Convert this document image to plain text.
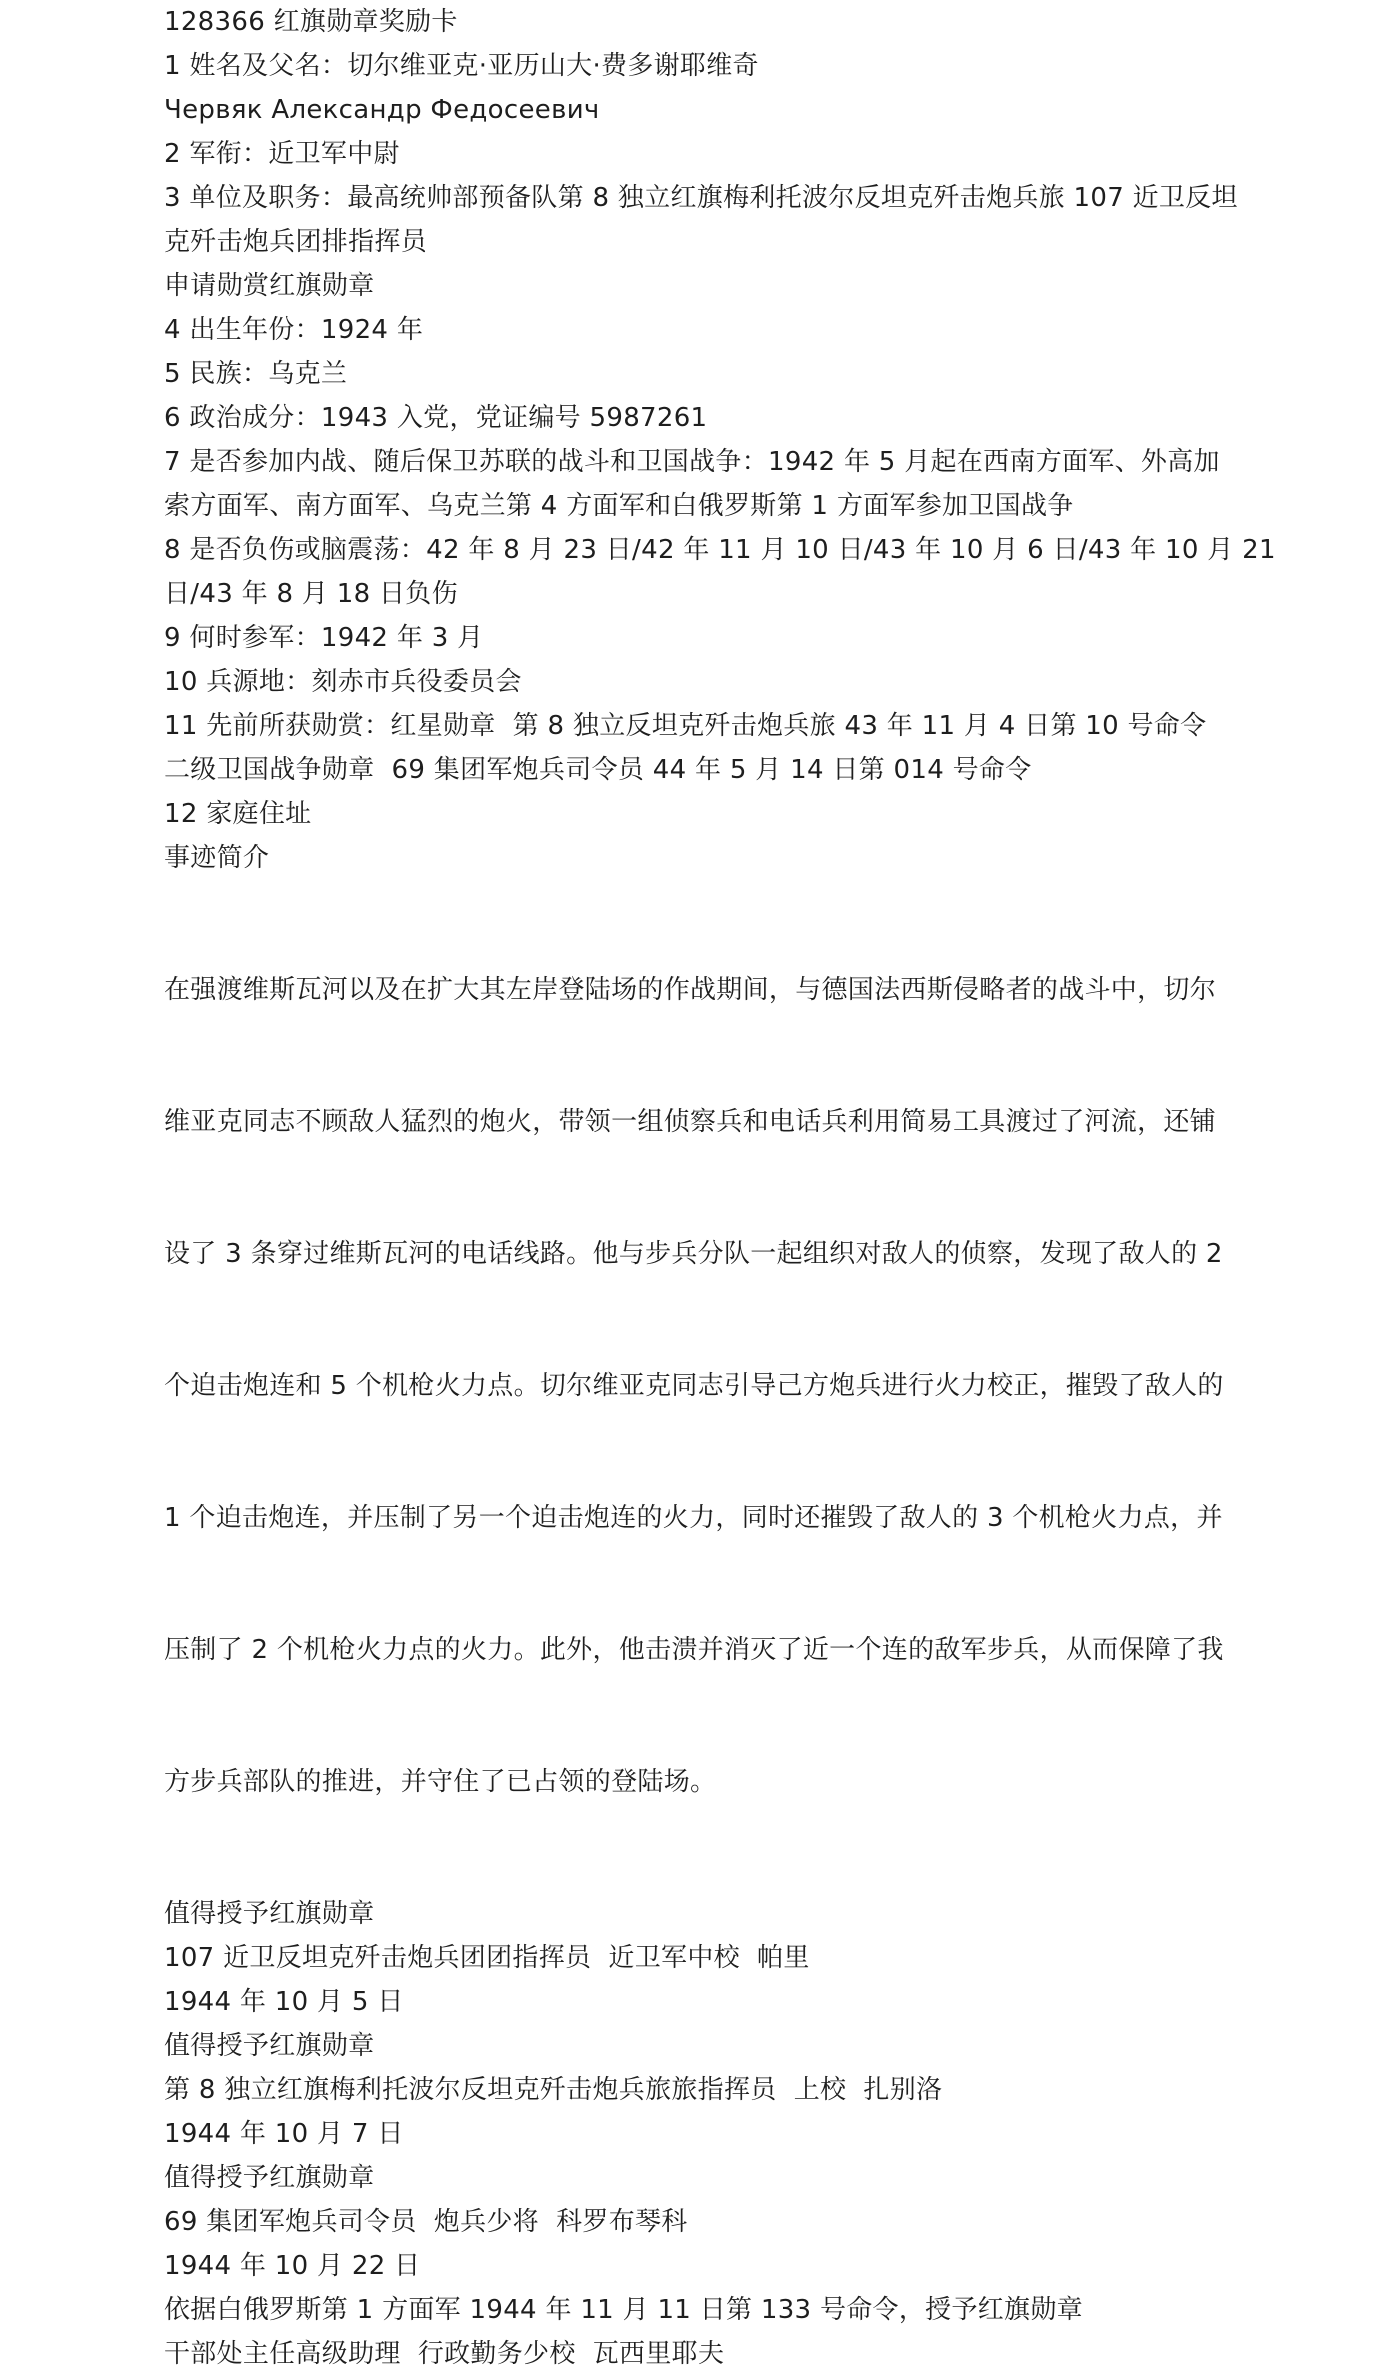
128366 红旗勋章奖励卡
1 姓名及父名：切尔维亚克·亚历山大·费多谢耶维奇
Червяк Александр Федосеевич
2 军衔：近卫军中尉
3 单位及职务：最高统帅部预备队第 8 独立红旗梅利托波尔反坦克歼击炮兵旅 107 近卫反坦
克歼击炮兵团排指挥员
申请勋赏红旗勋章
4 出生年份：1924 年
5 民族：乌克兰
6 政治成分：1943 入党，党证编号 5987261
7 是否参加内战、随后保卫苏联的战斗和卫国战争：1942 年 5 月起在西南方面军、外高加
索方面军、南方面军、乌克兰第 4 方面军和白俄罗斯第 1 方面军参加卫国战争
8 是否负伤或脑震荡：42 年 8 月 23 日/42 年 11 月 10 日/43 年 10 月 6 日/43 年 10 月 21
日/43 年 8 月 18 日负伤
9 何时参军：1942 年 3 月
10 兵源地：刻赤市兵役委员会
11 先前所获勋赏：红星勋章  第 8 独立反坦克歼击炮兵旅 43 年 11 月 4 日第 10 号命令
二级卫国战争勋章  69 集团军炮兵司令员 44 年 5 月 14 日第 014 号命令
12 家庭住址
事迹简介

在强渡维斯瓦河以及在扩大其左岸登陆场的作战期间，与德国法西斯侵略者的战斗中，切尔

维亚克同志不顾敌人猛烈的炮火，带领一组侦察兵和电话兵利用简易工具渡过了河流，还铺

设了 3 条穿过维斯瓦河的电话线路。他与步兵分队一起组织对敌人的侦察，发现了敌人的 2

个迫击炮连和 5 个机枪火力点。切尔维亚克同志引导己方炮兵进行火力校正，摧毁了敌人的

1 个迫击炮连，并压制了另一个迫击炮连的火力，同时还摧毁了敌人的 3 个机枪火力点，并

压制了 2 个机枪火力点的火力。此外，他击溃并消灭了近一个连的敌军步兵，从而保障了我

方步兵部队的推进，并守住了已占领的登陆场。

值得授予红旗勋章
107 近卫反坦克歼击炮兵团团指挥员  近卫军中校  帕里
1944 年 10 月 5 日
值得授予红旗勋章
第 8 独立红旗梅利托波尔反坦克歼击炮兵旅旅指挥员  上校  扎别洛
1944 年 10 月 7 日
值得授予红旗勋章
69 集团军炮兵司令员  炮兵少将  科罗布琴科
1944 年 10 月 22 日
依据白俄罗斯第 1 方面军 1944 年 11 月 11 日第 133 号命令，授予红旗勋章
干部处主任高级助理  行政勤务少校  瓦西里耶夫
